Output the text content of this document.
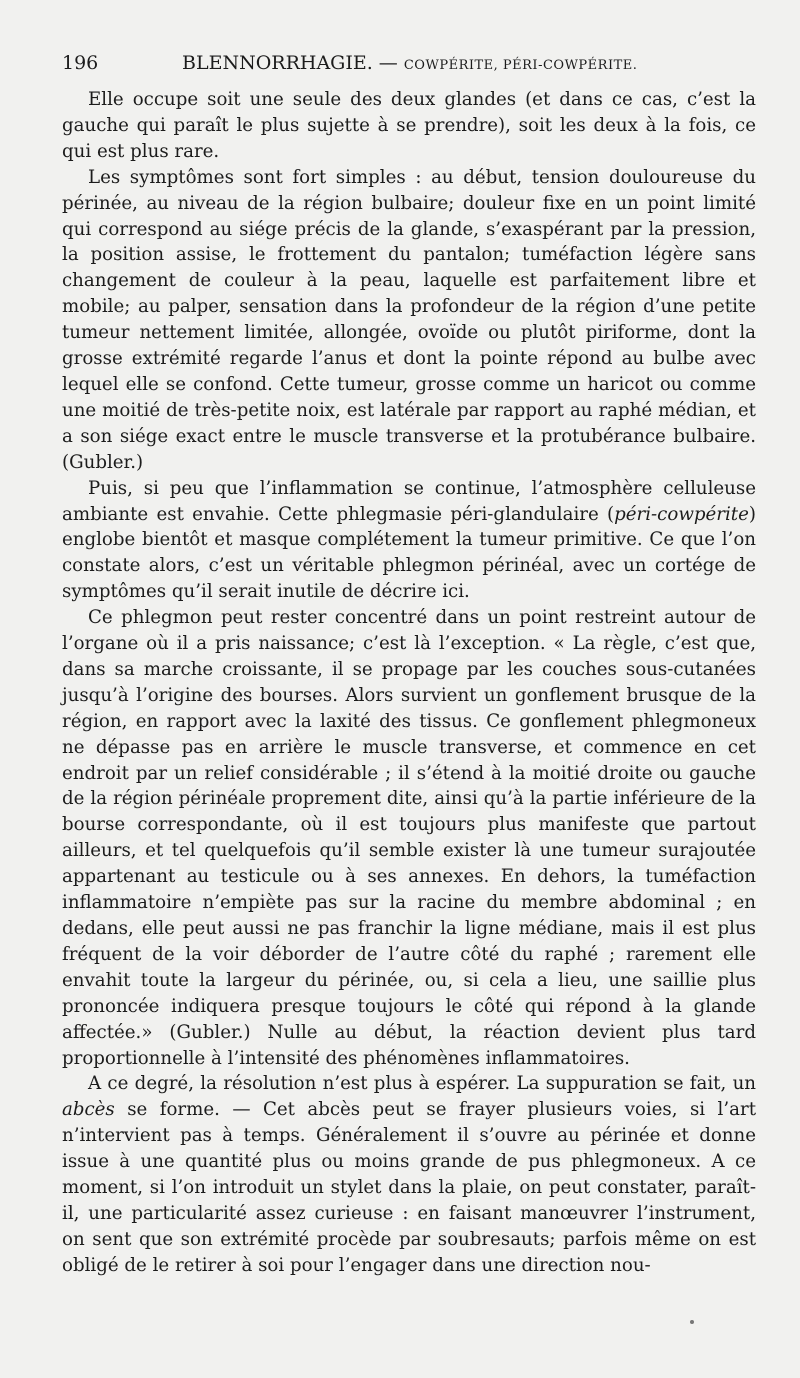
196	BLENNORRHAGIE. — COWPÉRITE, PÉRI-COWPÉRITE.

Elle occupe soit une seule des deux glandes (et dans ce cas, c’est la gauche qui paraît le plus sujette à se prendre), soit les deux à la fois, ce qui est plus rare.

Les symptômes sont fort simples : au début, tension douloureuse du périnée, au niveau de la région bulbaire; douleur fixe en un point limité qui correspond au siége précis de la glande, s’exaspérant par la pression, la position assise, le frottement du pantalon; tuméfaction légère sans changement de couleur à la peau, laquelle est parfaitement libre et mobile; au palper, sensation dans la profondeur de la région d’une petite tumeur nettement limitée, allongée, ovoïde ou plutôt piriforme, dont la grosse extrémité regarde l’anus et dont la pointe répond au bulbe avec lequel elle se confond. Cette tumeur, grosse comme un haricot ou comme une moitié de très-petite noix, est latérale par rapport au raphé médian, et a son siége exact entre le muscle transverse et la protubérance bulbaire. (Gubler.)

Puis, si peu que l’inflammation se continue, l’atmosphère celluleuse ambiante est envahie. Cette phlegmasie péri-glandulaire (péri-cowpérite) englobe bientôt et masque complétement la tumeur primitive. Ce que l’on constate alors, c’est un véritable phlegmon périnéal, avec un cortége de symptômes qu’il serait inutile de décrire ici.

Ce phlegmon peut rester concentré dans un point restreint autour de l’organe où il a pris naissance; c’est là l’exception. « La règle, c’est que, dans sa marche croissante, il se propage par les couches sous-cutanées jusqu’à l’origine des bourses. Alors survient un gonflement brusque de la région, en rapport avec la laxité des tissus. Ce gonflement phlegmoneux ne dépasse pas en arrière le muscle transverse, et commence en cet endroit par un relief considérable ; il s’étend à la moitié droite ou gauche de la région périnéale proprement dite, ainsi qu’à la partie inférieure de la bourse correspondante, où il est toujours plus manifeste que partout ailleurs, et tel quelquefois qu’il semble exister là une tumeur surajoutée appartenant au testicule ou à ses annexes. En dehors, la tuméfaction inflammatoire n’empiète pas sur la racine du membre abdominal ; en dedans, elle peut aussi ne pas franchir la ligne médiane, mais il est plus fréquent de la voir déborder de l’autre côté du raphé ; rarement elle envahit toute la largeur du périnée, ou, si cela a lieu, une saillie plus prononcée indiquera presque toujours le côté qui répond à la glande affectée.» (Gubler.) Nulle au début, la réaction devient plus tard proportionnelle à l’intensité des phénomènes inflammatoires.

A ce degré, la résolution n’est plus à espérer. La suppuration se fait, un abcès se forme. — Cet abcès peut se frayer plusieurs voies, si l’art n’intervient pas à temps. Généralement il s’ouvre au périnée et donne issue à une quantité plus ou moins grande de pus phlegmoneux. A ce moment, si l’on introduit un stylet dans la plaie, on peut constater, paraît-il, une particularité assez curieuse : en faisant manœuvrer l’instrument, on sent que son extrémité procède par soubresauts; parfois même on est obligé de le retirer à soi pour l’engager dans une direction nou-
